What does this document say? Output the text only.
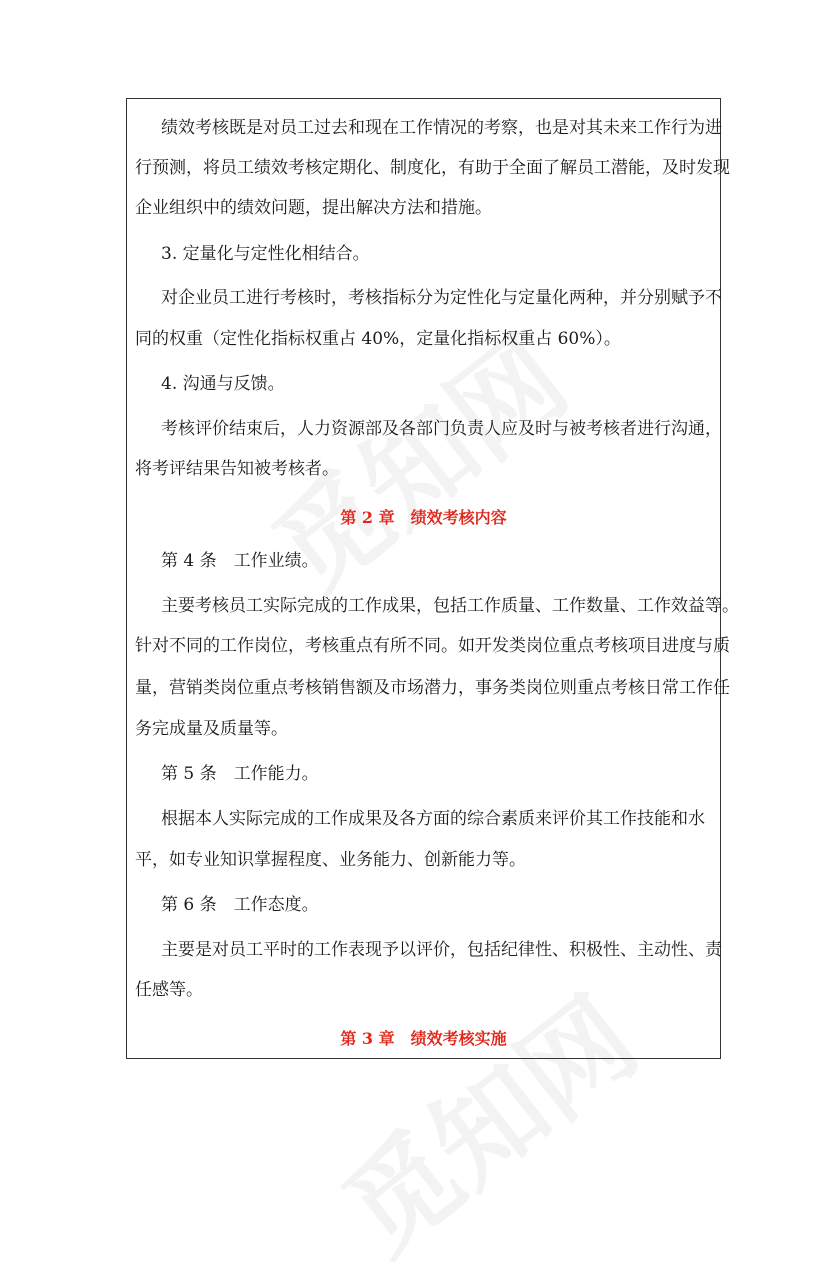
绩效考核既是对员工过去和现在工作情况的考察，也是对其未来工作行为进
行预测，将员工绩效考核定期化、制度化，有助于全面了解员工潜能，及时发现
企业组织中的绩效问题，提出解决方法和措施。
3. 定量化与定性化相结合。
对企业员工进行考核时，考核指标分为定性化与定量化两种，并分别赋予不
同的权重（定性化指标权重占 40%，定量化指标权重占 60%）。
4. 沟通与反馈。
考核评价结束后，人力资源部及各部门负责人应及时与被考核者进行沟通，
将考评结果告知被考核者。
第 2 章　绩效考核内容
第 4 条　工作业绩。
主要考核员工实际完成的工作成果，包括工作质量、工作数量、工作效益等。
针对不同的工作岗位，考核重点有所不同。如开发类岗位重点考核项目进度与质
量，营销类岗位重点考核销售额及市场潜力，事务类岗位则重点考核日常工作任
务完成量及质量等。
第 5 条　工作能力。
根据本人实际完成的工作成果及各方面的综合素质来评价其工作技能和水
平，如专业知识掌握程度、业务能力、创新能力等。
第 6 条　工作态度。
主要是对员工平时的工作表现予以评价，包括纪律性、积极性、主动性、责
任感等。
第 3 章　绩效考核实施
